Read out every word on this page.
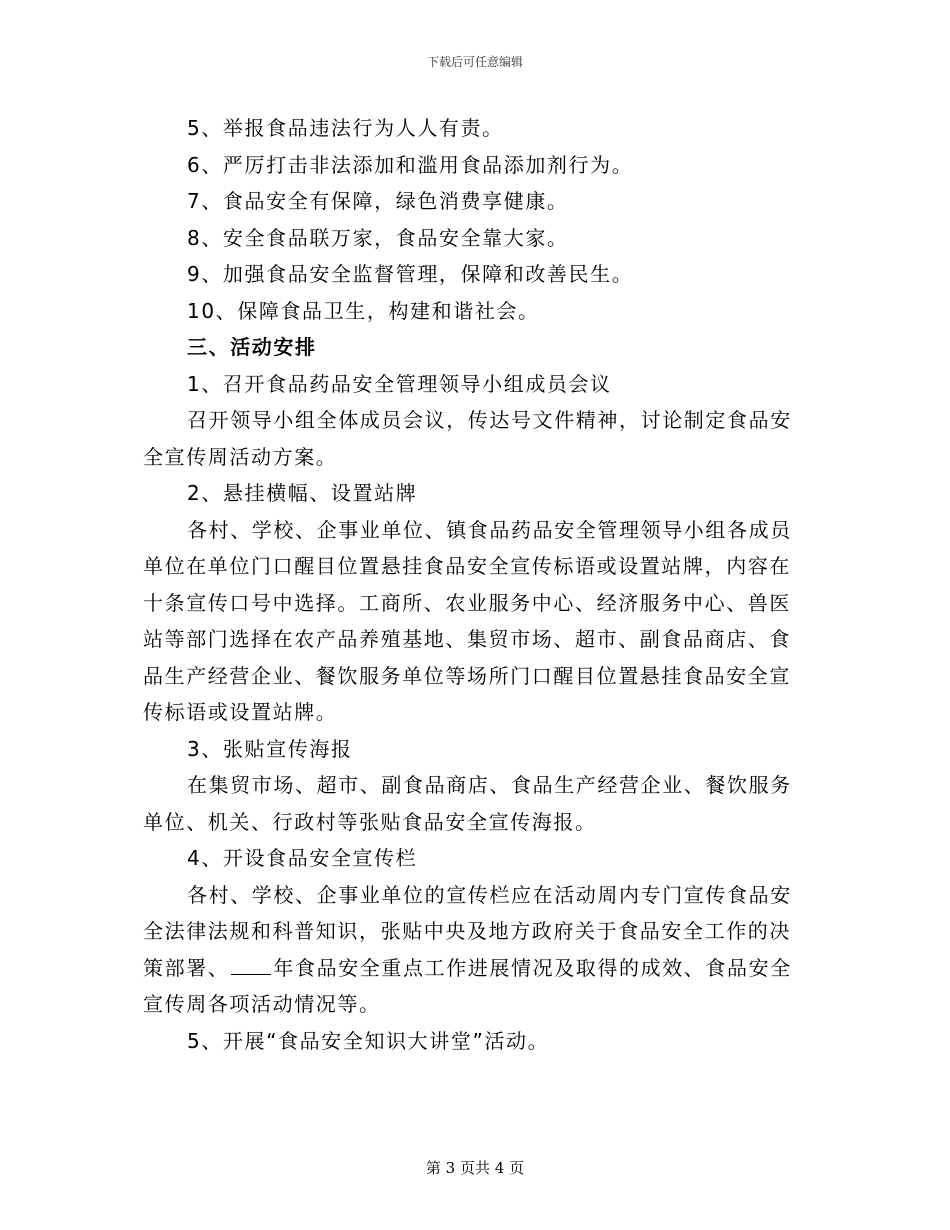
下载后可任意编辑

5、举报食品违法行为人人有责。

6、严厉打击非法添加和滥用食品添加剂行为。

7、食品安全有保障，绿色消费享健康。

8、安全食品联万家，食品安全靠大家。

9、加强食品安全监督管理，保障和改善民生。

10、保障食品卫生，构建和谐社会。

三、活动安排

1、召开食品药品安全管理领导小组成员会议

召开领导小组全体成员会议，传达号文件精神，讨论制定食品安全宣传周活动方案。

2、悬挂横幅、设置站牌

各村、学校、企事业单位、镇食品药品安全管理领导小组各成员单位在单位门口醒目位置悬挂食品安全宣传标语或设置站牌，内容在十条宣传口号中选择。工商所、农业服务中心、经济服务中心、兽医站等部门选择在农产品养殖基地、集贸市场、超市、副食品商店、食品生产经营企业、餐饮服务单位等场所门口醒目位置悬挂食品安全宣传标语或设置站牌。

3、张贴宣传海报

在集贸市场、超市、副食品商店、食品生产经营企业、餐饮服务单位、机关、行政村等张贴食品安全宣传海报。

4、开设食品安全宣传栏

各村、学校、企事业单位的宣传栏应在活动周内专门宣传食品安全法律法规和科普知识，张贴中央及地方政府关于食品安全工作的决策部署、 年食品安全重点工作进展情况及取得的成效、食品安全宣传周各项活动情况等。

5、开展“食品安全知识大讲堂”活动。

第 3 页共 4 页
